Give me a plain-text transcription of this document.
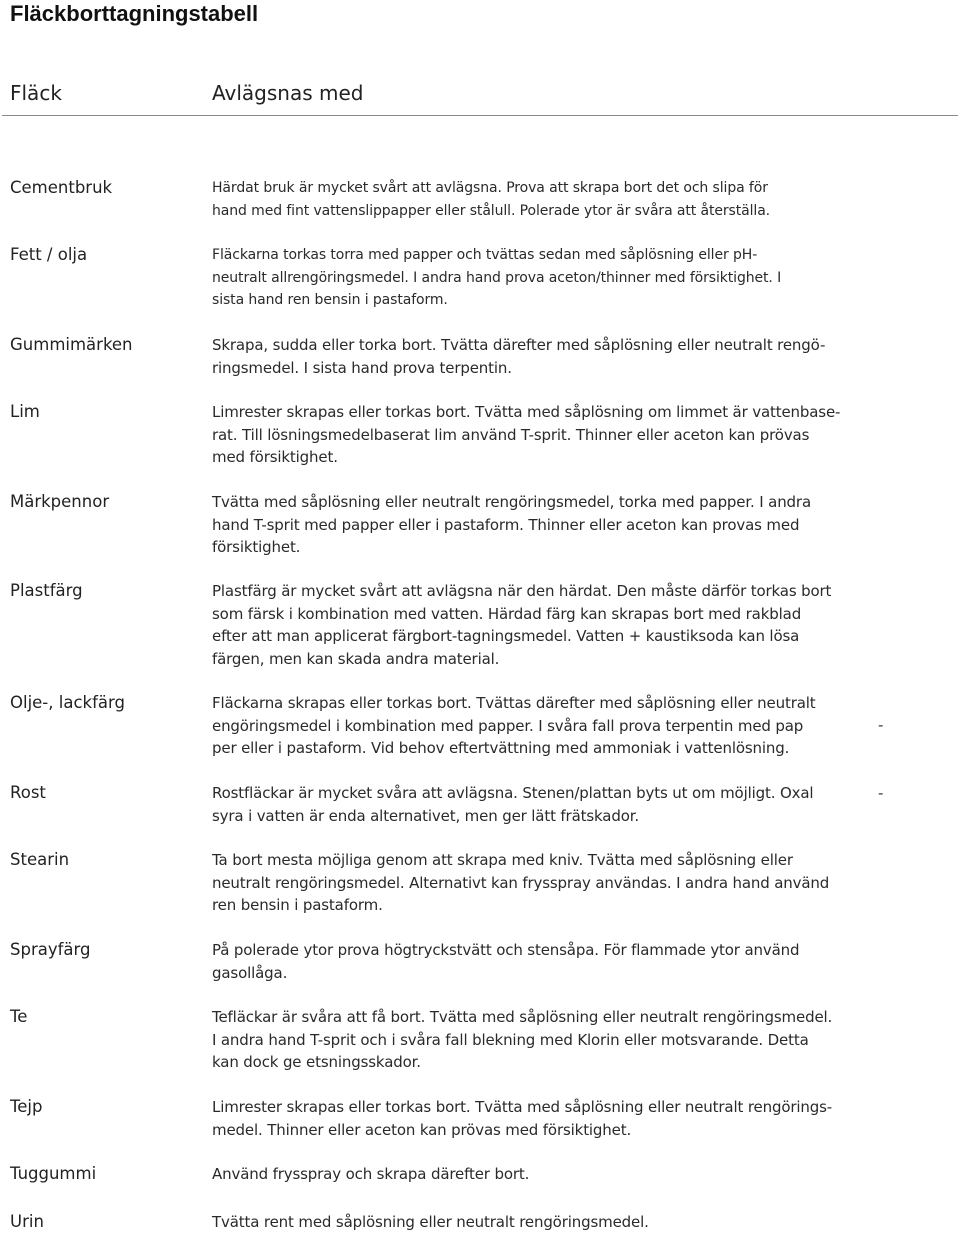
Fläckborttagningstabell
Fläck	Avlägsnas med
Cementbruk	Härdat bruk är mycket svårt att avlägsna. Prova att skrapa bort det och slipa för
hand med fint vattenslippapper eller stålull. Polerade ytor är svåra att återställa.
Fett / olja	Fläckarna torkas torra med papper och tvättas sedan med såplösning eller pH-
neutralt allrengöringsmedel. I andra hand prova aceton/thinner med försiktighet. I
sista hand ren bensin i pastaform.
Gummimärken	Skrapa, sudda eller torka bort. Tvätta därefter med såplösning eller neutralt rengö-
ringsmedel. I sista hand prova terpentin.
Lim	Limrester skrapas eller torkas bort. Tvätta med såplösning om limmet är vattenbase-
rat. Till lösningsmedelbaserat lim använd T-sprit. Thinner eller aceton kan prövas
med försiktighet.
Märkpennor	Tvätta med såplösning eller neutralt rengöringsmedel, torka med papper. I andra
hand T-sprit med papper eller i pastaform. Thinner eller aceton kan provas med
försiktighet.
Plastfärg	Plastfärg är mycket svårt att avlägsna när den härdat. Den måste därför torkas bort
som färsk i kombination med vatten. Härdad färg kan skrapas bort med rakblad
efter att man applicerat färgbort-tagningsmedel. Vatten + kaustiksoda kan lösa
färgen, men kan skada andra material.
Olje-, lackfärg	Fläckarna skrapas eller torkas bort. Tvättas därefter med såplösning eller neutralt
engöringsmedel i kombination med papper. I svåra fall prova terpentin med pap
per eller i pastaform. Vid behov eftertvättning med ammoniak i vattenlösning.
-
Rost	Rostfläckar är mycket svåra att avlägsna. Stenen/plattan byts ut om möjligt. Oxal
syra i vatten är enda alternativet, men ger lätt frätskador.
-
Stearin	Ta bort mesta möjliga genom att skrapa med kniv. Tvätta med såplösning eller
neutralt rengöringsmedel. Alternativt kan frysspray användas. I andra hand använd
ren bensin i pastaform.
Sprayfärg	På polerade ytor prova högtryckstvätt och stensåpa. För flammade ytor använd
gasollåga.
Te	Tefläckar är svåra att få bort. Tvätta med såplösning eller neutralt rengöringsmedel.
I andra hand T-sprit och i svåra fall blekning med Klorin eller motsvarande. Detta
kan dock ge etsningsskador.
Tejp	Limrester skrapas eller torkas bort. Tvätta med såplösning eller neutralt rengörings-
medel. Thinner eller aceton kan prövas med försiktighet.
Tuggummi	Använd frysspray och skrapa därefter bort.
Urin	Tvätta rent med såplösning eller neutralt rengöringsmedel.
